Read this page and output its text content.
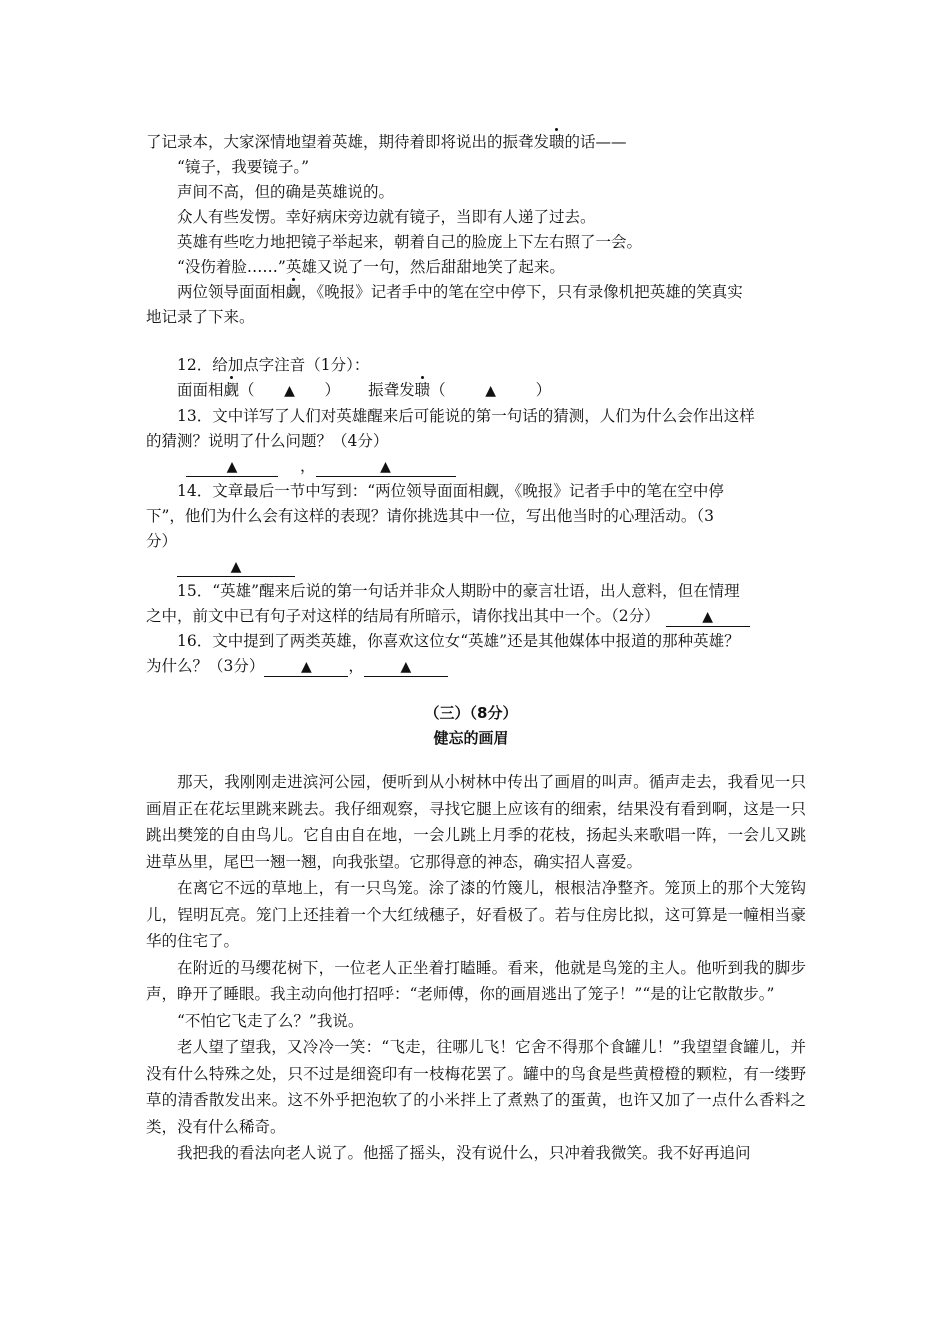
了记录本，大家深情地望着英雄，期待着即将说出的振聋发聩的话——
“镜子，我要镜子。”
声间不高，但的确是英雄说的。
众人有些发愣。幸好病床旁边就有镜子，当即有人递了过去。
英雄有些吃力地把镜子举起来，朝着自己的脸庞上下左右照了一会。
“没伤着脸……”英雄又说了一句，然后甜甜地笑了起来。
两位领导面面相觑，《晚报》记者手中的笔在空中停下，只有录像机把英雄的笑真实
地记录了下来。
12．给加点字注音（1分）：
面面相觑（ ▲ ） 振聋发聩（	▲	）
13．文中详写了人们对英雄醒来后可能说的第一句话的猜测，人们为什么会作出这样
的猜测？说明了什么问题？（4分）
▲	，	▲
14．文章最后一节中写到：“两位领导面面相觑，《晚报》记者手中的笔在空中停
下”，他们为什么会有这样的表现？请你挑选其中一位，写出他当时的心理活动。（3
分）
▲
15．“英雄”醒来后说的第一句话并非众人期盼中的豪言壮语，出人意料，但在情理
之中，前文中已有句子对这样的结局有所暗示，请你找出其中一个。（2分）	▲
16．文中提到了两类英雄，你喜欢这位女“英雄”还是其他媒体中报道的那种英雄？
为什么？（3分）	▲ ，	▲
（三）（8分）
健忘的画眉
那天，我刚刚走进滨河公园，便听到从小树林中传出了画眉的叫声。循声走去，我看见一只画眉正在花坛里跳来跳去。我仔细观察，寻找它腿上应该有的细索，结果没有看到啊，这是一只跳出樊笼的自由鸟儿。它自由自在地，一会儿跳上月季的花枝，扬起头来歌唱一阵，一会儿又跳进草丛里，尾巴一翘一翘，向我张望。它那得意的神态，确实招人喜爱。
在离它不远的草地上，有一只鸟笼。涂了漆的竹篾儿，根根洁净整齐。笼顶上的那个大笼钩儿，锃明瓦亮。笼门上还挂着一个大红绒穗子，好看极了。若与住房比拟，这可算是一幢相当豪华的住宅了。
在附近的马缨花树下，一位老人正坐着打瞌睡。看来，他就是鸟笼的主人。他听到我的脚步声，睁开了睡眼。我主动向他打招呼：“老师傅，你的画眉逃出了笼子！”“是的让它散散步。”
“不怕它飞走了么？”我说。
老人望了望我，又冷冷一笑：“飞走，往哪儿飞！它舍不得那个食罐儿！”我望望食罐儿，并没有什么特殊之处，只不过是细瓷印有一枝梅花罢了。罐中的鸟食是些黄橙橙的颗粒，有一缕野草的清香散发出来。这不外乎把泡软了的小米拌上了煮熟了的蛋黄，也许又加了一点什么香料之类，没有什么稀奇。
我把我的看法向老人说了。他摇了摇头，没有说什么，只冲着我微笑。我不好再追问
